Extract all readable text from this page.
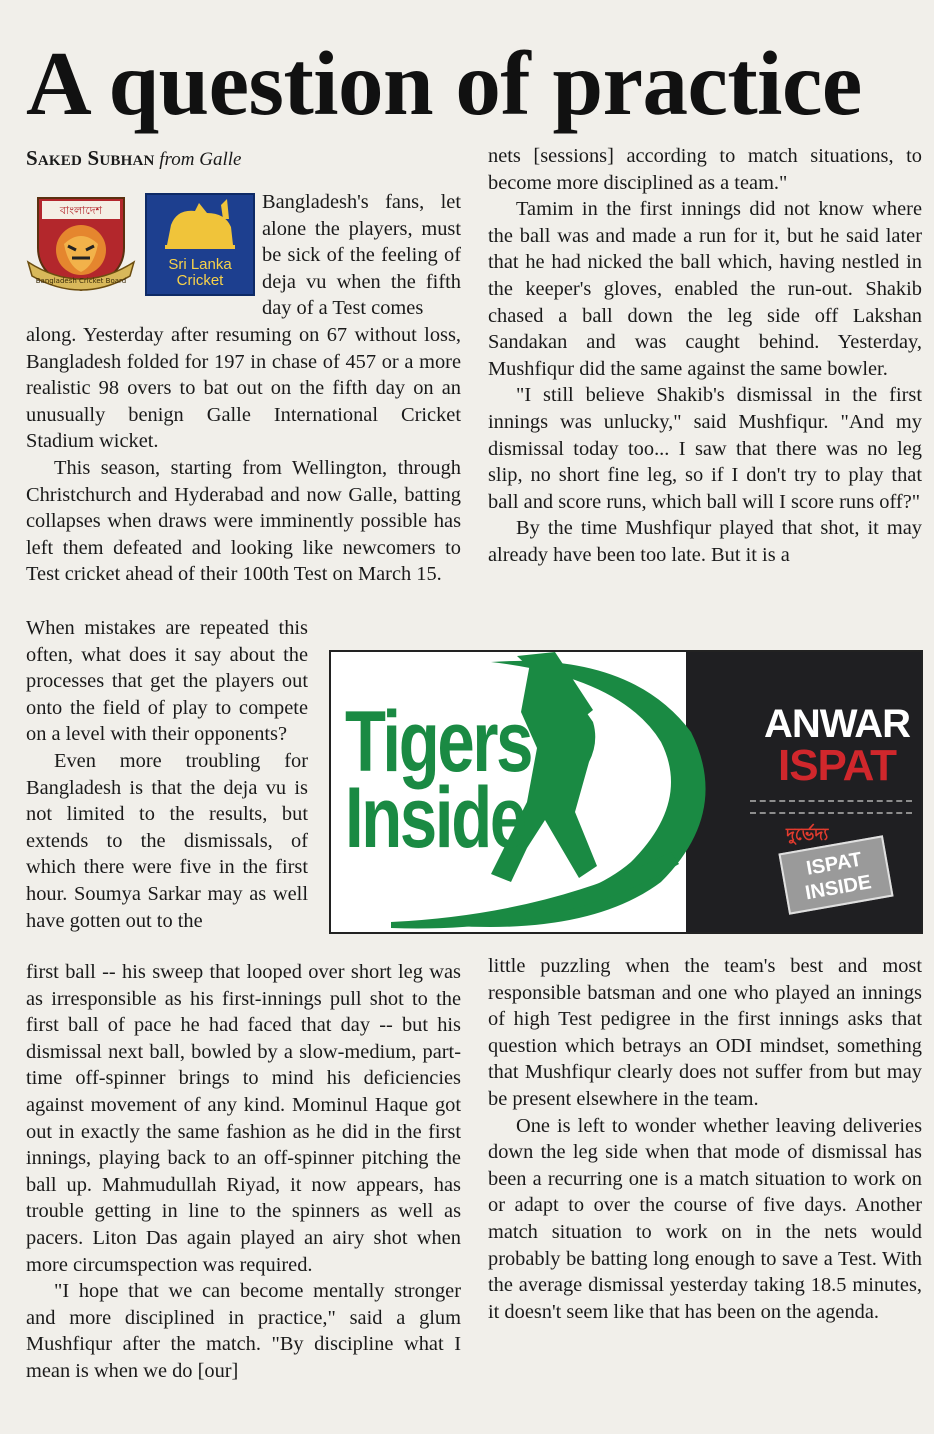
A question of practice
Saked Subhan from Galle
বাংলাদেশ
Bangladesh Cricket Board
Sri Lanka
Cricket

Bangladesh's fans, let alone the players, must be sick of the feeling of deja vu when the fifth day of a Test comes

along. Yesterday after resuming on 67 without loss, Bangladesh folded for 197 in chase of 457 or a more realistic 98 overs to bat out on the fifth day on an unusually benign Galle International Cricket Stadium wicket.

This season, starting from Wellington, through Christchurch and Hyderabad and now Galle, batting collapses when draws were imminently possible has left them defeated and looking like newcomers to Test cricket ahead of their 100th Test on March 15.

When mistakes are repeated this often, what does it say about the processes that get the players out onto the field of play to compete on a level with their opponents?

Even more troubling for Bangladesh is that the deja vu is not limited to the results, but extends to the dismissals, of which there were five in the first hour. Soumya Sarkar may as well have gotten out to the

first ball -- his sweep that looped over short leg was as irresponsible as his first-innings pull shot to the first ball of pace he had faced that day -- but his dismissal next ball, bowled by a slow-medium, part-time off-spinner brings to mind his deficiencies against movement of any kind. Mominul Haque got out in exactly the same fashion as he did in the first innings, playing back to an off-spinner pitching the ball up. Mahmudullah Riyad, it now appears, has trouble getting in line to the spinners as well as pacers. Liton Das again played an airy shot when more circumspection was required.

"I hope that we can become mentally stronger and more disciplined in practice," said a glum Mushfiqur after the match. "By discipline what I mean is when we do [our]

nets [sessions] according to match situations, to become more disciplined as a team."

Tamim in the first innings did not know where the ball was and made a run for it, but he said later that he had nicked the ball which, having nestled in the keeper's gloves, enabled the run-out. Shakib chased a ball down the leg side off Lakshan Sandakan and was caught behind. Yesterday, Mushfiqur did the same against the same bowler.

"I still believe Shakib's dismissal in the first innings was unlucky," said Mushfiqur. "And my dismissal today too... I saw that there was no leg slip, no short fine leg, so if I don't try to play that ball and score runs, which ball will I score runs off?"

By the time Mushfiqur played that shot, it may already have been too late. But it is a

Tigers
Inside
ANWAR
ISPAT
দুর্ভেদ্য
ISPAT
INSIDE

little puzzling when the team's best and most responsible batsman and one who played an innings of high Test pedigree in the first innings asks that question which betrays an ODI mindset, something that Mushfiqur clearly does not suffer from but may be present elsewhere in the team.

One is left to wonder whether leaving deliveries down the leg side when that mode of dismissal has been a recurring one is a match situation to work on or adapt to over the course of five days. Another match situation to work on in the nets would probably be batting long enough to save a Test. With the average dismissal yesterday taking 18.5 minutes, it doesn't seem like that has been on the agenda.
